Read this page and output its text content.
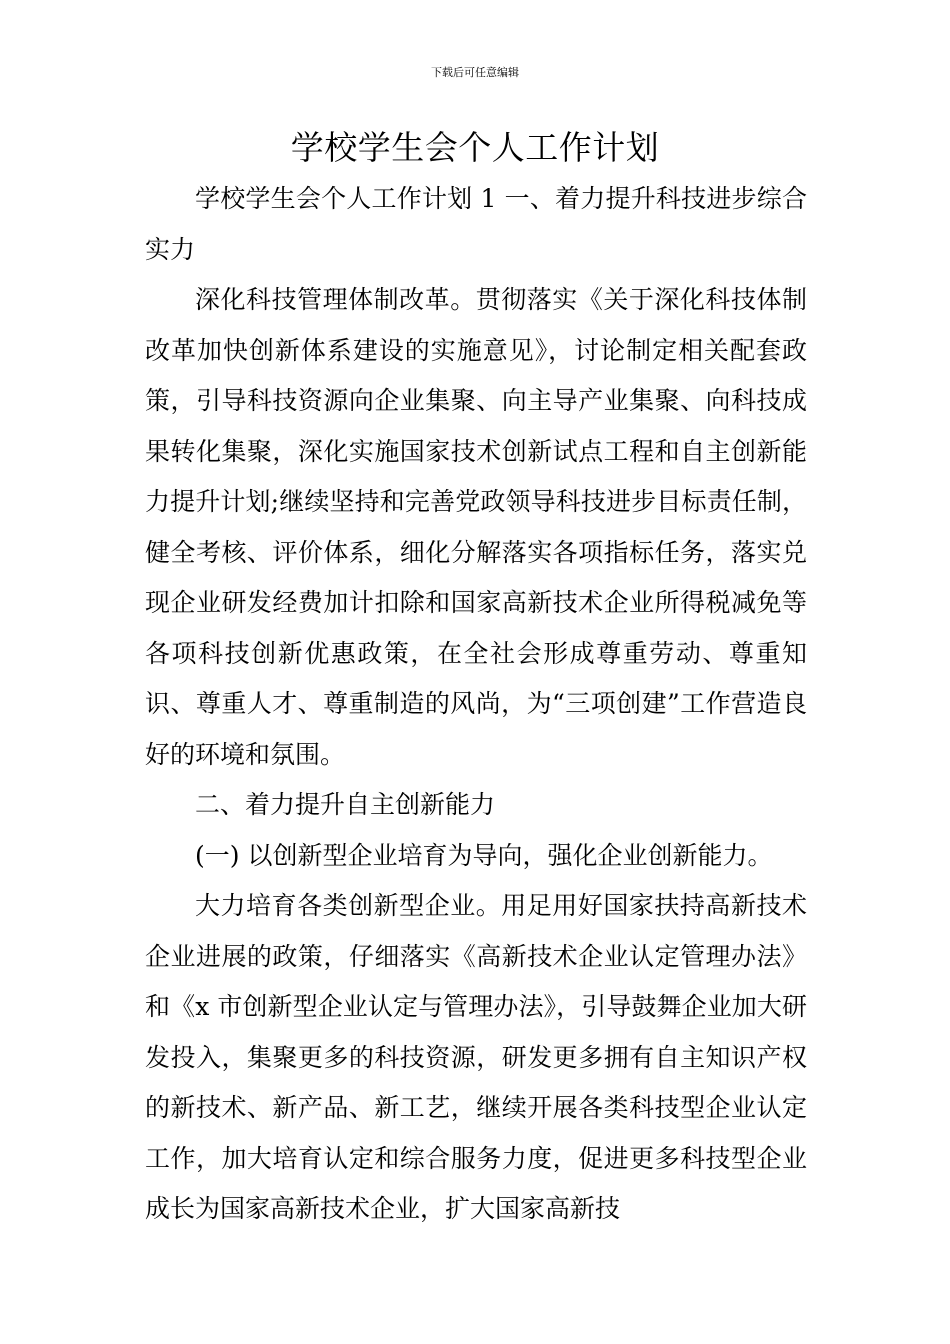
下载后可任意编辑
学校学生会个人工作计划

学校学生会个人工作计划 1 一、着力提升科技进步综合实力

深化科技管理体制改革。贯彻落实《关于深化科技体制改革加快创新体系建设的实施意见》，讨论制定相关配套政策，引导科技资源向企业集聚、向主导产业集聚、向科技成果转化集聚，深化实施国家技术创新试点工程和自主创新能力提升计划;继续坚持和完善党政领导科技进步目标责任制，健全考核、评价体系，细化分解落实各项指标任务，落实兑现企业研发经费加计扣除和国家高新技术企业所得税减免等各项科技创新优惠政策，在全社会形成尊重劳动、尊重知识、尊重人才、尊重制造的风尚，为“三项创建”工作营造良好的环境和氛围。

二、着力提升自主创新能力

(一) 以创新型企业培育为导向，强化企业创新能力。

大力培育各类创新型企业。用足用好国家扶持高新技术企业进展的政策，仔细落实《高新技术企业认定管理办法》和《x 市创新型企业认定与管理办法》，引导鼓舞企业加大研发投入，集聚更多的科技资源，研发更多拥有自主知识产权的新技术、新产品、新工艺，继续开展各类科技型企业认定工作，加大培育认定和综合服务力度，促进更多科技型企业成长为国家高新技术企业，扩大国家高新技
